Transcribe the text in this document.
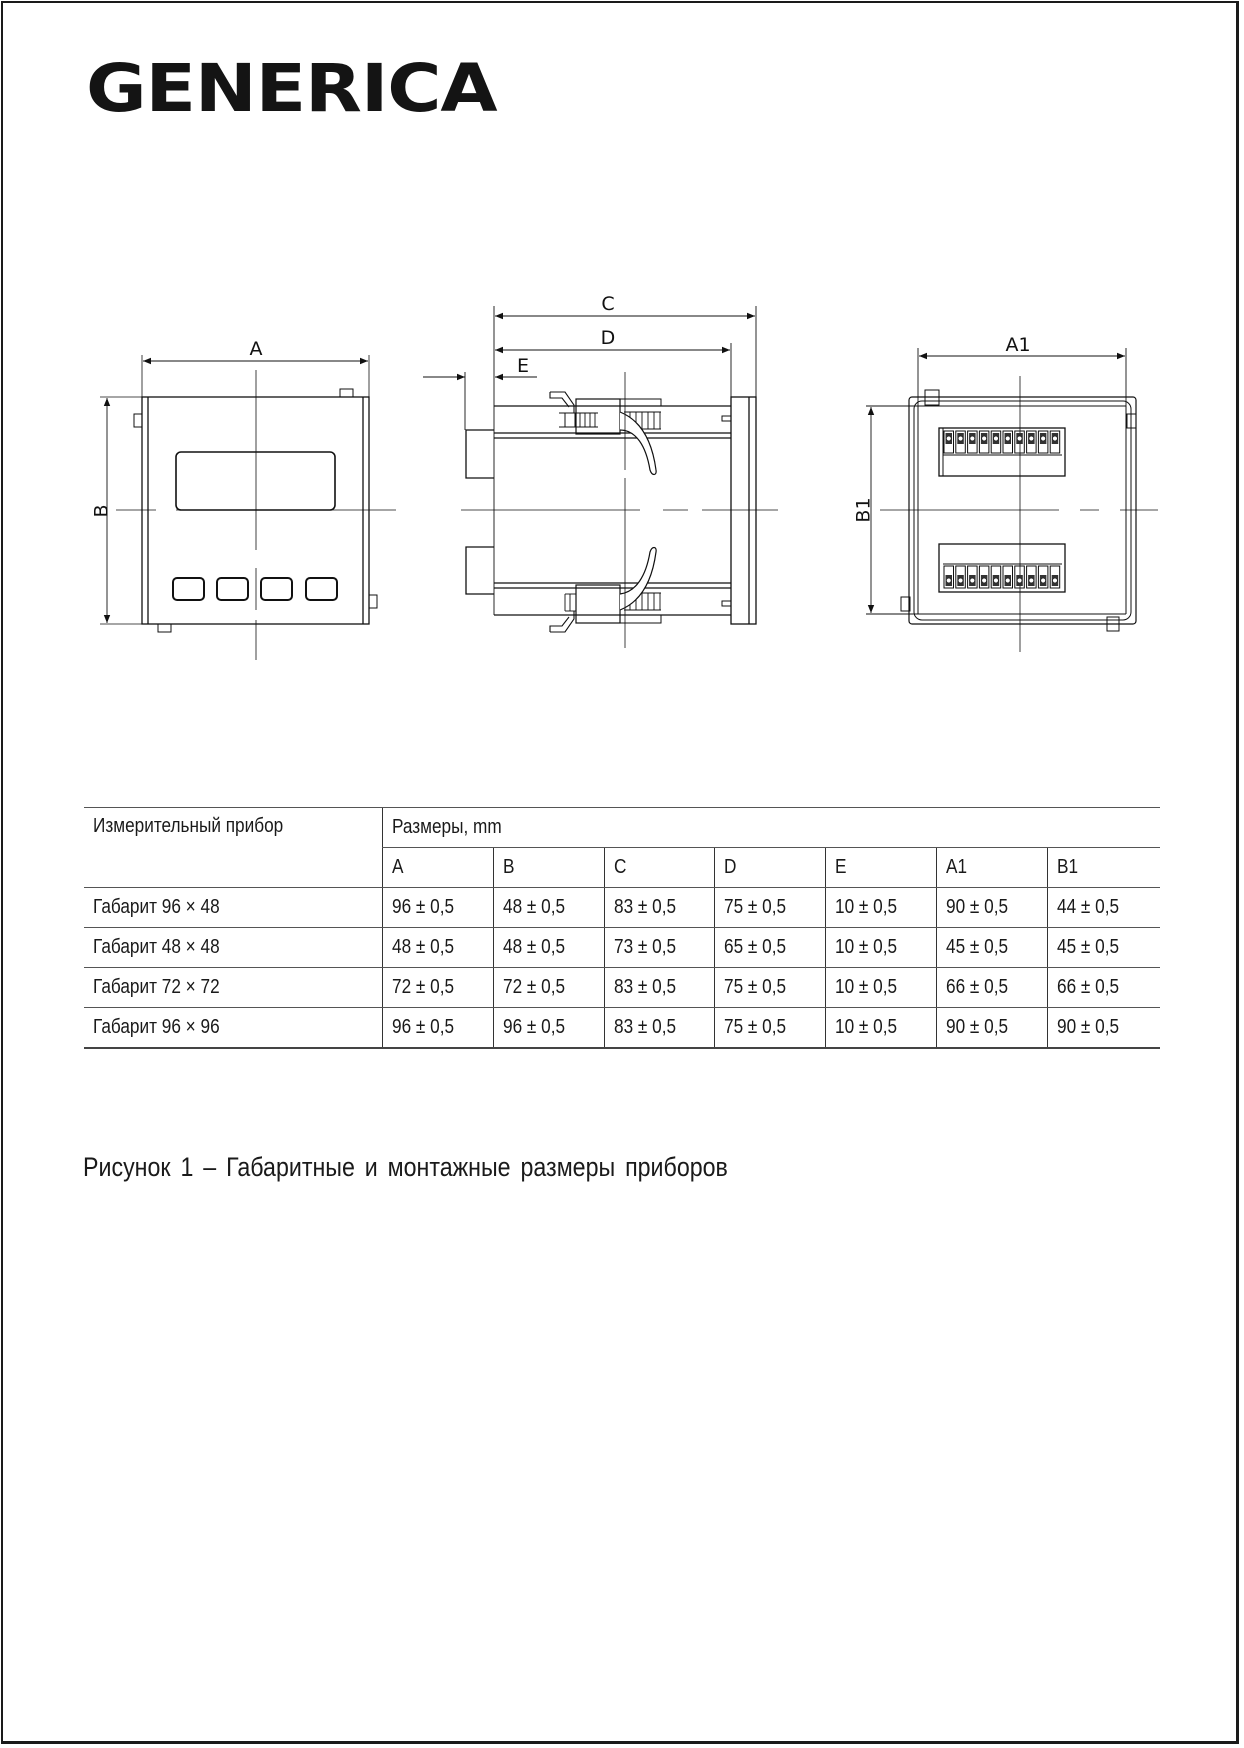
GENERICA
A
B
C
D
E
A1
B1
Измерительный прибор	Размеры, mm						
	A	B	C	D	E	A1	B1
Габарит 96 × 48	96 ± 0,5	48 ± 0,5	83 ± 0,5	75 ± 0,5	10 ± 0,5	90 ± 0,5	44 ± 0,5
Габарит 48 × 48	48 ± 0,5	48 ± 0,5	73 ± 0,5	65 ± 0,5	10 ± 0,5	45 ± 0,5	45 ± 0,5
Габарит 72 × 72	72 ± 0,5	72 ± 0,5	83 ± 0,5	75 ± 0,5	10 ± 0,5	66 ± 0,5	66 ± 0,5
Габарит 96 × 96	96 ± 0,5	96 ± 0,5	83 ± 0,5	75 ± 0,5	10 ± 0,5	90 ± 0,5	90 ± 0,5
Рисунок 1 – Габаритные и монтажные размеры приборов
